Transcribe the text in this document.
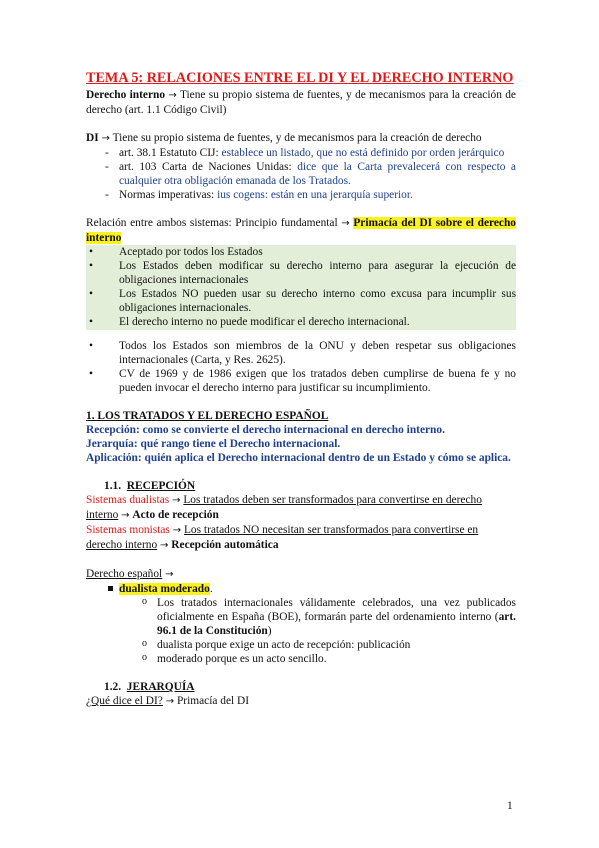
TEMA 5: RELACIONES ENTRE EL DI Y EL DERECHO INTERNO

Derecho interno → Tiene su propio sistema de fuentes, y de mecanismos para la creación de derecho (art. 1.1 Código Civil)

DI → Tiene su propio sistema de fuentes, y de mecanismos para la creación de derecho

- art. 38.1 Estatuto CIJ: establece un listado, que no está definido por orden jerárquico
- art. 103 Carta de Naciones Unidas: dice que la Carta prevalecerá con respecto a cualquier otra obligación emanada de los Tratados.
- Normas imperativas: ius cogens: están en una jerarquía superior.

Relación entre ambos sistemas: Principio fundamental → Primacía del DI sobre el derecho interno

• Aceptado por todos los Estados
• Los Estados deben modificar su derecho interno para asegurar la ejecución de obligaciones internacionales
• Los Estados NO pueden usar su derecho interno como excusa para incumplir sus obligaciones internacionales.
• El derecho interno no puede modificar el derecho internacional.
• Todos los Estados son miembros de la ONU y deben respetar sus obligaciones internacionales (Carta, y Res. 2625).
• CV de 1969 y de 1986 exigen que los tratados deben cumplirse de buena fe y no pueden invocar el derecho interno para justificar su incumplimiento.

1. LOS TRATADOS Y EL DERECHO ESPAÑOL

Recepción: como se convierte el derecho internacional en derecho interno.

Jerarquía: qué rango tiene el Derecho internacional.

Aplicación: quién aplica el Derecho internacional dentro de un Estado y cómo se aplica.

1.1. RECEPCIÓN

Sistemas dualistas → Los tratados deben ser transformados para convertirse en derecho interno → Acto de recepción

Sistemas monistas → Los tratados NO necesitan ser transformados para convertirse en derecho interno → Recepción automática

Derecho español →

dualista moderado.
o Los tratados internacionales válidamente celebrados, una vez publicados oficialmente en España (BOE), formarán parte del ordenamiento interno (art. 96.1 de la Constitución)
o dualista porque exige un acto de recepción: publicación
o moderado porque es un acto sencillo.

1.2. JERARQUÍA

¿Qué dice el DI? → Primacía del DI

1
